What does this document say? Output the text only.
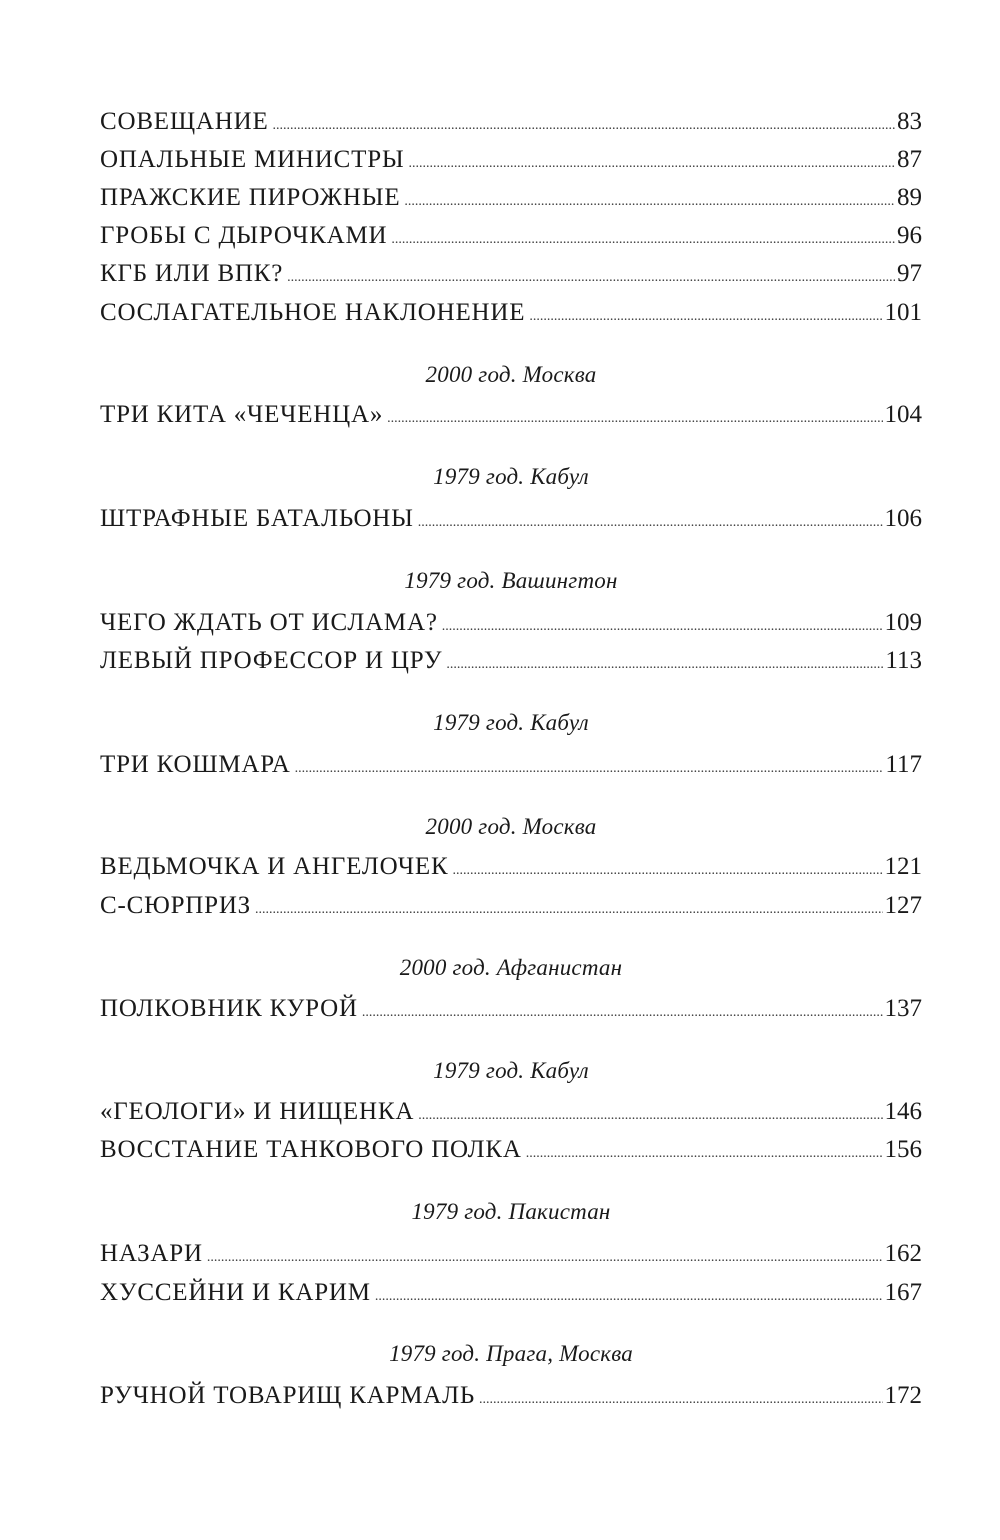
СОВЕЩАНИЕ .....	83
ОПАЛЬНЫЕ МИНИСТРЫ .....	87
ПРАЖСКИЕ ПИРОЖНЫЕ .....	89
ГРОБЫ С ДЫРОЧКАМИ .....	96
КГБ ИЛИ ВПК? .....	97
СОСЛАГАТЕЛЬНОЕ НАКЛОНЕНИЕ .....	101
2000 год. Москва
ТРИ КИТА «ЧЕЧЕНЦА» .....	104
1979 год. Кабул
ШТРАФНЫЕ БАТАЛЬОНЫ .....	106
1979 год. Вашингтон
ЧЕГО ЖДАТЬ ОТ ИСЛАМА? .....	109
ЛЕВЫЙ ПРОФЕССОР И ЦРУ .....	113
1979 год. Кабул
ТРИ КОШМАРА .....	117
2000 год. Москва
ВЕДЬМОЧКА И АНГЕЛОЧЕК .....	121
С-СЮРПРИЗ .....	127
2000 год. Афганистан
ПОЛКОВНИК КУРОЙ .....	137
1979 год. Кабул
«ГЕОЛОГИ» И НИЩЕНКА .....	146
ВОССТАНИЕ ТАНКОВОГО ПОЛКА .....	156
1979 год. Пакистан
НАЗАРИ .....	162
ХУССЕЙНИ И КАРИМ .....	167
1979 год. Прага, Москва
РУЧНОЙ ТОВАРИЩ КАРМАЛЬ .....	172
